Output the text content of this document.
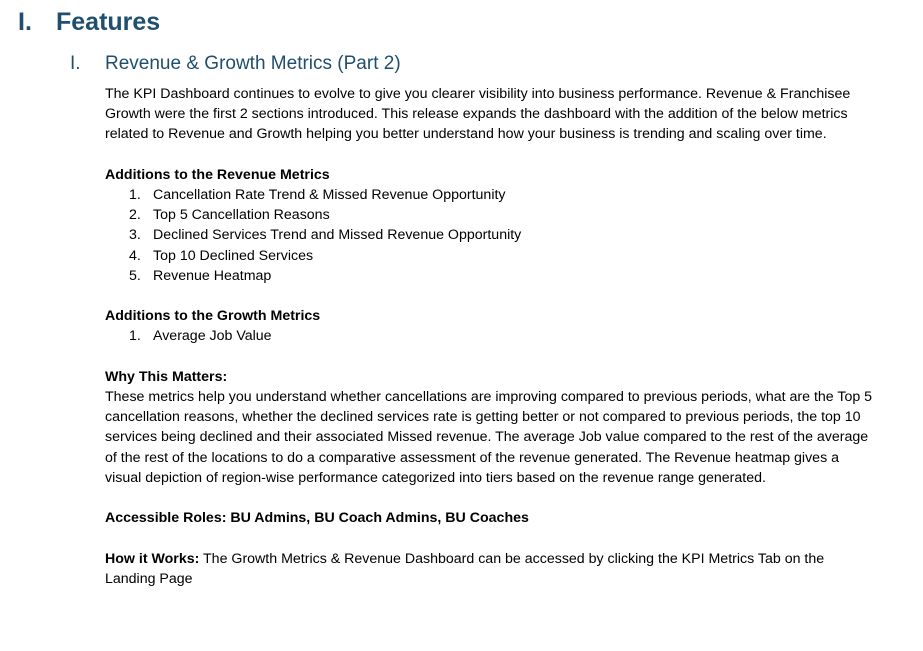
I. Features
I. Revenue & Growth Metrics (Part 2)

The KPI Dashboard continues to evolve to give you clearer visibility into business performance. Revenue & Franchisee Growth were the first 2 sections introduced. This release expands the dashboard with the addition of the below metrics related to Revenue and Growth helping you better understand how your business is trending and scaling over time.

Additions to the Revenue Metrics

1. Cancellation Rate Trend & Missed Revenue Opportunity
2. Top 5 Cancellation Reasons
3. Declined Services Trend and Missed Revenue Opportunity
4. Top 10 Declined Services
5. Revenue Heatmap

Additions to the Growth Metrics

1. Average Job Value

Why This Matters:

These metrics help you understand whether cancellations are improving compared to previous periods, what are the Top 5 cancellation reasons, whether the declined services rate is getting better or not compared to previous periods, the top 10 services being declined and their associated Missed revenue. The average Job value compared to the rest of the average of the rest of the locations to do a comparative assessment of the revenue generated. The Revenue heatmap gives a visual depiction of region-wise performance categorized into tiers based on the revenue range generated.

Accessible Roles: BU Admins, BU Coach Admins, BU Coaches

How it Works: The Growth Metrics & Revenue Dashboard can be accessed by clicking the KPI Metrics Tab on the Landing Page
